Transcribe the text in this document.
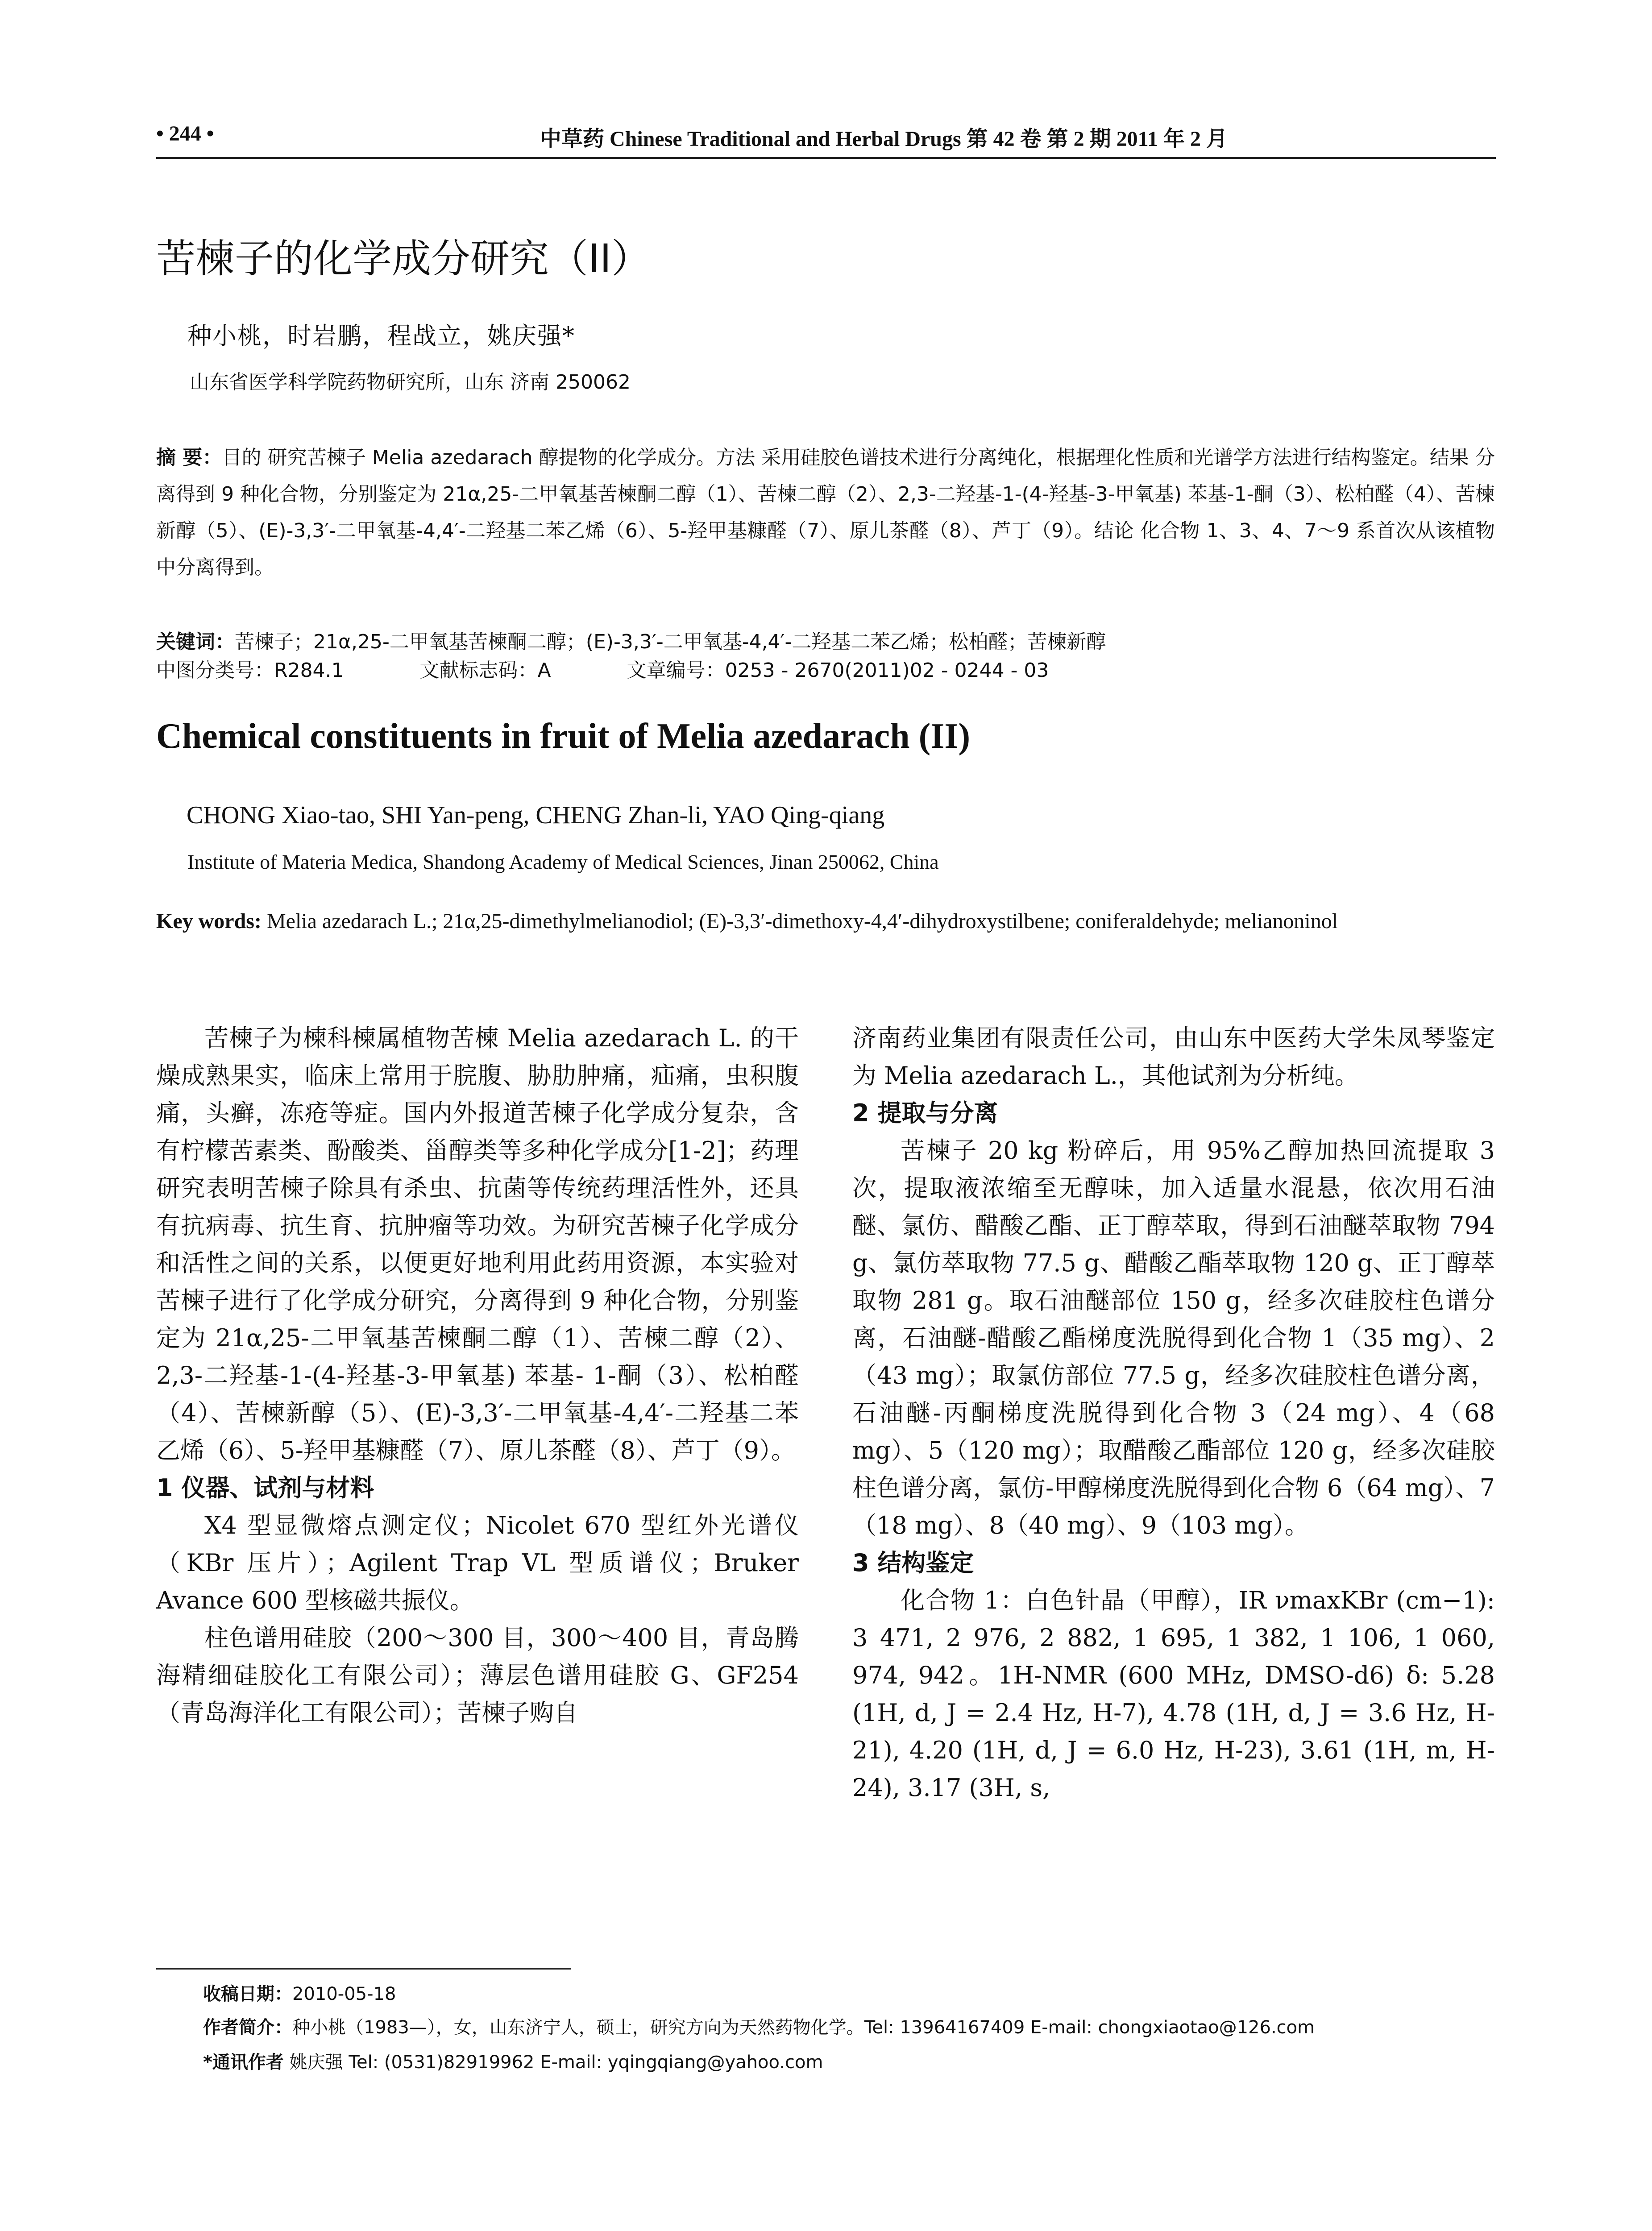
• 244 •	中草药 Chinese Traditional and Herbal Drugs 第 42 卷 第 2 期 2011 年 2 月
苦楝子的化学成分研究（II）
种小桃，时岩鹏，程战立，姚庆强*
山东省医学科学院药物研究所，山东 济南 250062
摘 要：目的 研究苦楝子 Melia azedarach 醇提物的化学成分。方法 采用硅胶色谱技术进行分离纯化，根据理化性质和光谱学方法进行结构鉴定。结果 分离得到 9 种化合物，分别鉴定为 21α,25-二甲氧基苦楝酮二醇（1）、苦楝二醇（2）、2,3-二羟基-1-(4-羟基-3-甲氧基) 苯基-1-酮（3）、松柏醛（4）、苦楝新醇（5）、(E)-3,3′-二甲氧基-4,4′-二羟基二苯乙烯（6）、5-羟甲基糠醛（7）、原儿茶醛（8）、芦丁（9）。结论 化合物 1、3、4、7～9 系首次从该植物中分离得到。
关键词：苦楝子；21α,25-二甲氧基苦楝酮二醇；(E)-3,3′-二甲氧基-4,4′-二羟基二苯乙烯；松柏醛；苦楝新醇
中图分类号：R284.1	文献标志码：A	文章编号：0253 - 2670(2011)02 - 0244 - 03
Chemical constituents in fruit of Melia azedarach (II)
CHONG Xiao-tao, SHI Yan-peng, CHENG Zhan-li, YAO Qing-qiang
Institute of Materia Medica, Shandong Academy of Medical Sciences, Jinan 250062, China
Key words: Melia azedarach L.; 21α,25-dimethylmelianodiol; (E)-3,3′-dimethoxy-4,4′-dihydroxystilbene; coniferaldehyde; melianoninol

苦楝子为楝科楝属植物苦楝 Melia azedarach L. 的干燥成熟果实，临床上常用于脘腹、胁肋肿痛，疝痛，虫积腹痛，头癣，冻疮等症。国内外报道苦楝子化学成分复杂，含有柠檬苦素类、酚酸类、甾醇类等多种化学成分[1-2]；药理研究表明苦楝子除具有杀虫、抗菌等传统药理活性外，还具有抗病毒、抗生育、抗肿瘤等功效。为研究苦楝子化学成分和活性之间的关系，以便更好地利用此药用资源，本实验对苦楝子进行了化学成分研究，分离得到 9 种化合物，分别鉴定为 21α,25-二甲氧基苦楝酮二醇（1）、苦楝二醇（2）、2,3-二羟基-1-(4-羟基-3-甲氧基) 苯基- 1-酮（3）、松柏醛（4）、苦楝新醇（5）、(E)-3,3′-二甲氧基-4,4′-二羟基二苯乙烯（6）、5-羟甲基糠醛（7）、原儿茶醛（8）、芦丁（9）。

1 仪器、试剂与材料

X4 型显微熔点测定仪；Nicolet 670 型红外光谱仪（KBr 压片）；Agilent Trap VL 型质谱仪；Bruker Avance 600 型核磁共振仪。

柱色谱用硅胶（200～300 目，300～400 目，青岛腾海精细硅胶化工有限公司）；薄层色谱用硅胶 G、GF254（青岛海洋化工有限公司）；苦楝子购自

济南药业集团有限责任公司，由山东中医药大学朱凤琴鉴定为 Melia azedarach L.，其他试剂为分析纯。

2 提取与分离

苦楝子 20 kg 粉碎后，用 95%乙醇加热回流提取 3 次，提取液浓缩至无醇味，加入适量水混悬，依次用石油醚、氯仿、醋酸乙酯、正丁醇萃取，得到石油醚萃取物 794 g、氯仿萃取物 77.5 g、醋酸乙酯萃取物 120 g、正丁醇萃取物 281 g。取石油醚部位 150 g，经多次硅胶柱色谱分离，石油醚-醋酸乙酯梯度洗脱得到化合物 1（35 mg）、2（43 mg）；取氯仿部位 77.5 g，经多次硅胶柱色谱分离，石油醚-丙酮梯度洗脱得到化合物 3（24 mg）、4（68 mg）、5（120 mg）；取醋酸乙酯部位 120 g，经多次硅胶柱色谱分离，氯仿-甲醇梯度洗脱得到化合物 6（64 mg）、7（18 mg）、8（40 mg）、9（103 mg）。

3 结构鉴定

化合物 1：白色针晶（甲醇），IR νmaxKBr (cm−1): 3 471, 2 976, 2 882, 1 695, 1 382, 1 106, 1 060, 974, 942。1H-NMR (600 MHz, DMSO-d6) δ: 5.28 (1H, d, J = 2.4 Hz, H-7), 4.78 (1H, d, J = 3.6 Hz, H-21), 4.20 (1H, d, J = 6.0 Hz, H-23), 3.61 (1H, m, H-24), 3.17 (3H, s,

收稿日期：2010-05-18
作者简介：种小桃（1983—），女，山东济宁人，硕士，研究方向为天然药物化学。Tel: 13964167409 E-mail: chongxiaotao@126.com
*通讯作者 姚庆强 Tel: (0531)82919962 E-mail: yqingqiang@yahoo.com
